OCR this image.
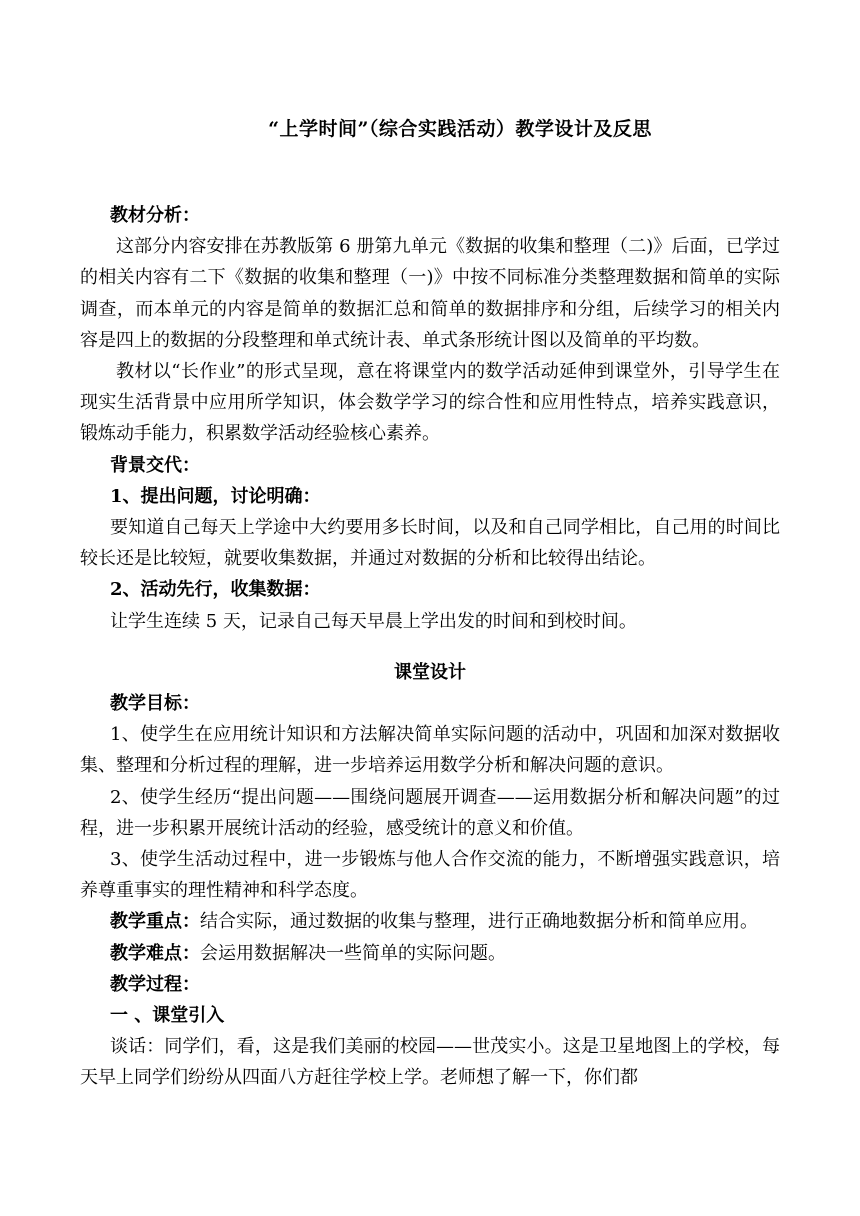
“上学时间”（综合实践活动）教学设计及反思

教材分析：

这部分内容安排在苏教版第 6 册第九单元《数据的收集和整理（二)》后面，已学过的相关内容有二下《数据的收集和整理（一)》中按不同标准分类整理数据和简单的实际调查，而本单元的内容是简单的数据汇总和简单的数据排序和分组，后续学习的相关内容是四上的数据的分段整理和单式统计表、单式条形统计图以及简单的平均数。

教材以“长作业”的形式呈现，意在将课堂内的数学活动延伸到课堂外，引导学生在现实生活背景中应用所学知识，体会数学学习的综合性和应用性特点，培养实践意识，锻炼动手能力，积累数学活动经验核心素养。

背景交代：

1、提出问题，讨论明确：

要知道自己每天上学途中大约要用多长时间，以及和自己同学相比，自己用的时间比较长还是比较短，就要收集数据，并通过对数据的分析和比较得出结论。

2、活动先行，收集数据：

让学生连续 5 天，记录自己每天早晨上学出发的时间和到校时间。

课堂设计

教学目标：

1、使学生在应用统计知识和方法解决简单实际问题的活动中，巩固和加深对数据收集、整理和分析过程的理解，进一步培养运用数学分析和解决问题的意识。

2、使学生经历“提出问题——围绕问题展开调查——运用数据分析和解决问题”的过程，进一步积累开展统计活动的经验，感受统计的意义和价值。

3、使学生活动过程中，进一步锻炼与他人合作交流的能力，不断增强实践意识，培养尊重事实的理性精神和科学态度。

教学重点：结合实际，通过数据的收集与整理，进行正确地数据分析和简单应用。

教学难点：会运用数据解决一些简单的实际问题。

教学过程：

一 、课堂引入

谈话：同学们，看，这是我们美丽的校园——世茂实小。这是卫星地图上的学校，每天早上同学们纷纷从四面八方赶往学校上学。老师想了解一下，你们都
